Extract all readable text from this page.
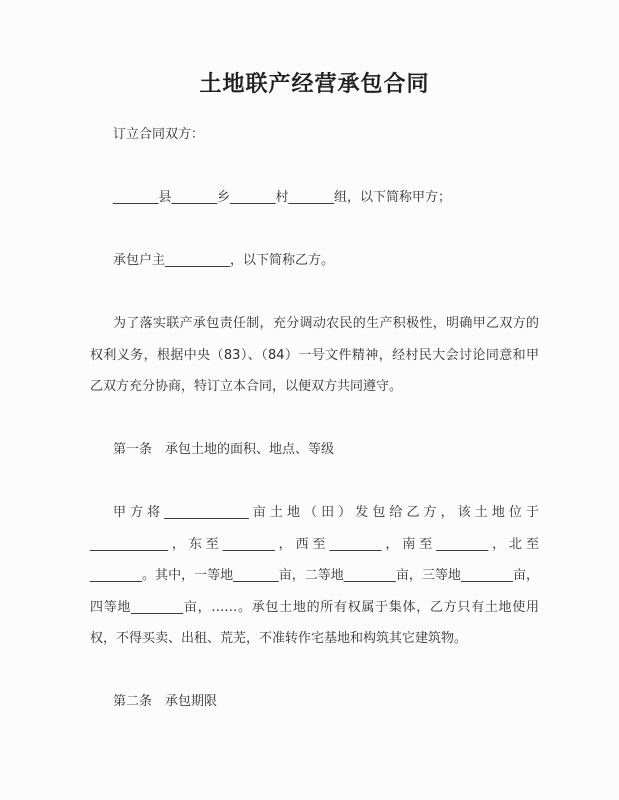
土地联产经营承包合同

订立合同双方：

_______县_______乡_______村_______组，以下简称甲方；

承包户主__________，以下简称乙方。

为了落实联产承包责任制，充分调动农民的生产积极性，明确甲乙双方的权利义务，根据中央（83）、（84）一号文件精神，经村民大会讨论同意和甲乙双方充分协商，特订立本合同，以便双方共同遵守。

第一条　承包土地的面积、地点、等级

甲方将_____________亩土地（田）发包给乙方，该土地位于____________，东至________，西至________，南至________，北至________。其中，一等地_______亩，二等地________亩，三等地________亩，四等地________亩，……。承包土地的所有权属于集体，乙方只有土地使用权，不得买卖、出租、荒芜，不准转作宅基地和构筑其它建筑物。

第二条　承包期限
